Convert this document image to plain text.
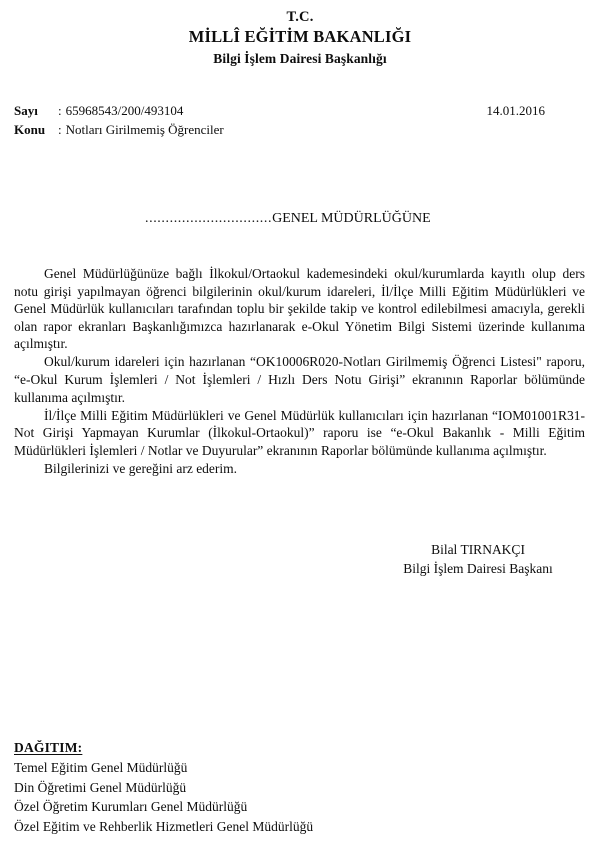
T.C.
MİLLÎ EĞİTİM BAKANLIĞI
Bilgi İşlem Dairesi Başkanlığı
Sayı	: 65968543/200/493104
Konu : Notları Girilmemiş Öğrenciler
14.01.2016
...............................GENEL MÜDÜRLÜĞÜNE

Genel Müdürlüğünüze bağlı İlkokul/Ortaokul kademesindeki okul/kurumlarda kayıtlı olup ders notu girişi yapılmayan öğrenci bilgilerinin okul/kurum idareleri, İl/İlçe Milli Eğitim Müdürlükleri ve Genel Müdürlük kullanıcıları tarafından toplu bir şekilde takip ve kontrol edilebilmesi amacıyla, gerekli olan rapor ekranları Başkanlığımızca hazırlanarak e-Okul Yönetim Bilgi Sistemi üzerinde kullanıma açılmıştır.

Okul/kurum idareleri için hazırlanan “OK10006R020-Notları Girilmemiş Öğrenci Listesi" raporu, “e-Okul Kurum İşlemleri / Not İşlemleri / Hızlı Ders Notu Girişi” ekranının Raporlar bölümünde kullanıma açılmıştır.

İl/İlçe Milli Eğitim Müdürlükleri ve Genel Müdürlük kullanıcıları için hazırlanan “IOM01001R31-Not Girişi Yapmayan Kurumlar (İlkokul-Ortaokul)” raporu ise “e-Okul Bakanlık - Milli Eğitim Müdürlükleri İşlemleri / Notlar ve Duyurular” ekranının Raporlar bölümünde kullanıma açılmıştır.

Bilgilerinizi ve gereğini arz ederim.

Bilal TIRNAKÇI
Bilgi İşlem Dairesi Başkanı
DAĞITIM:
Temel Eğitim Genel Müdürlüğü
Din Öğretimi Genel Müdürlüğü
Özel Öğretim Kurumları Genel Müdürlüğü
Özel Eğitim ve Rehberlik Hizmetleri Genel Müdürlüğü
